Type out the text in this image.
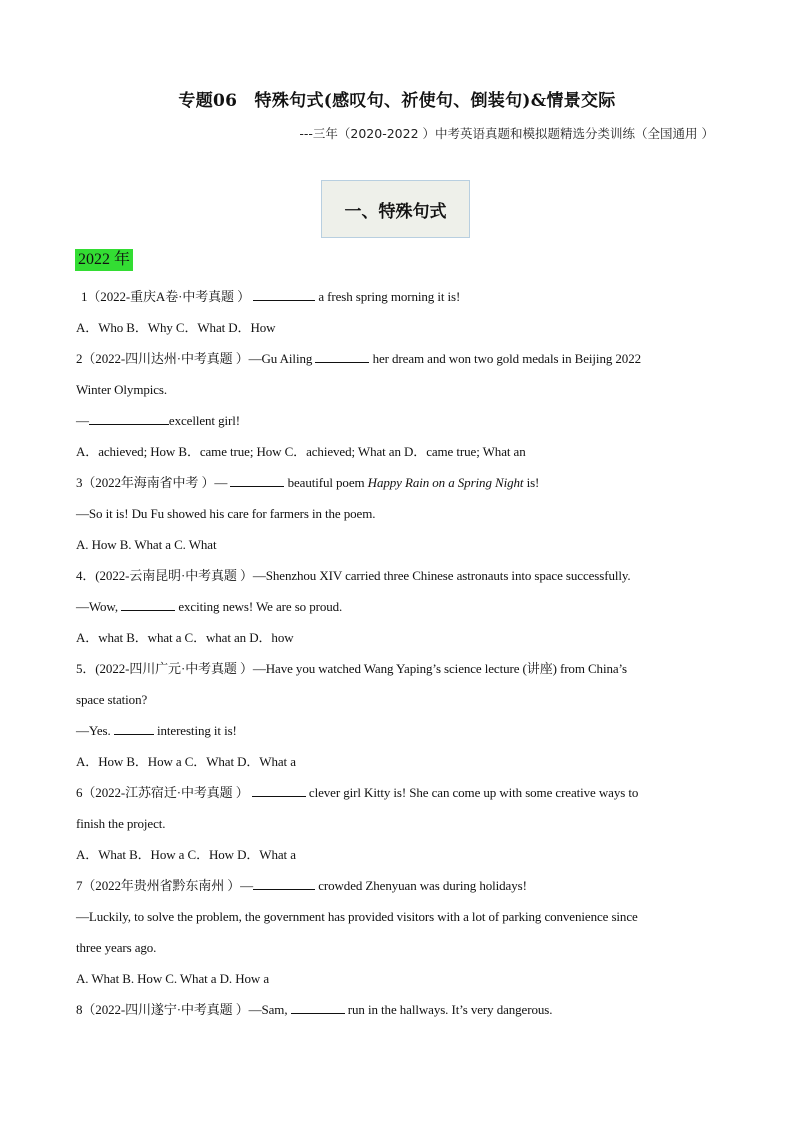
专题06　特殊句式(感叹句、祈使句、倒装句)&情景交际
---三年（2020-2022 ）中考英语真题和模拟题精选分类训练（全国通用 ）
一、特殊句式
2022 年
1（2022-重庆A卷·中考真题 ）	a fresh spring morning it is!
A．Who B．Why C．What D．How
2（2022-四川达州·中考真题 ）—Gu Ailing	her dream and won two gold medals in Beijing 2022
Winter Olympics.
—	excellent girl!
A．achieved; How B．came true; How C．achieved; What an D．came true; What an
3（2022年海南省中考 ）—	beautiful poem Happy Rain on a Spring Night is!
—So it is! Du Fu showed his care for farmers in the poem.
A. How B. What a C. What
4．(2022-云南昆明·中考真题 ）—Shenzhou XIV carried three Chinese astronauts into space successfully.
—Wow,	exciting news! We are so proud.
A．what B．what a C．what an D．how
5．(2022-四川广元·中考真题 ）—Have you watched Wang Yaping’s science lecture (讲座) from China’s
space station?
—Yes.	interesting it is!
A．How B．How a C．What D．What a
6（2022-江苏宿迁·中考真题 ）	clever girl Kitty is! She can come up with some creative ways to
finish the project.
A．What B．How a C．How D．What a
7（2022年贵州省黔东南州 ）—	crowded Zhenyuan was during holidays!
—Luckily, to solve the problem, the government has provided visitors with a lot of parking convenience since
three years ago.
A. What B. How C. What a D. How a
8（2022-四川遂宁·中考真题 ）—Sam,	run in the hallways. It’s very dangerous.
